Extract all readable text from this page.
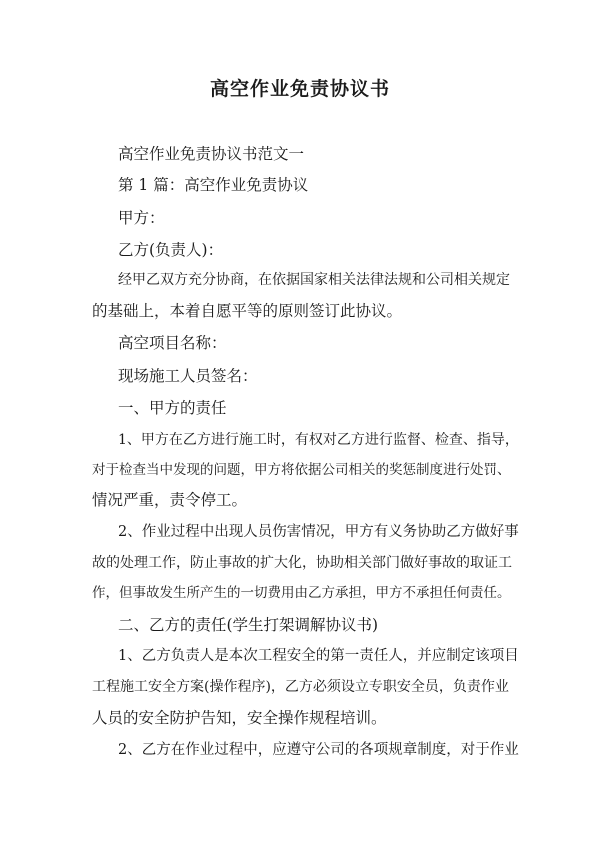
高空作业免责协议书
高空作业免责协议书范文一
第 1 篇：高空作业免责协议
甲方：
乙方(负责人)：
经甲乙双方充分协商，在依据国家相关法律法规和公司相关规定
的基础上，本着自愿平等的原则签订此协议。
高空项目名称：
现场施工人员签名：
一、甲方的责任
1、甲方在乙方进行施工时，有权对乙方进行监督、检查、指导，
对于检查当中发现的问题，甲方将依据公司相关的奖惩制度进行处罚、
情况严重，责令停工。
2、作业过程中出现人员伤害情况，甲方有义务协助乙方做好事
故的处理工作，防止事故的扩大化，协助相关部门做好事故的取证工
作，但事故发生所产生的一切费用由乙方承担，甲方不承担任何责任。
二、乙方的责任(学生打架调解协议书)
1、乙方负责人是本次工程安全的第一责任人，并应制定该项目
工程施工安全方案(操作程序)，乙方必须设立专职安全员，负责作业
人员的安全防护告知，安全操作规程培训。
2、乙方在作业过程中，应遵守公司的各项规章制度，对于作业
